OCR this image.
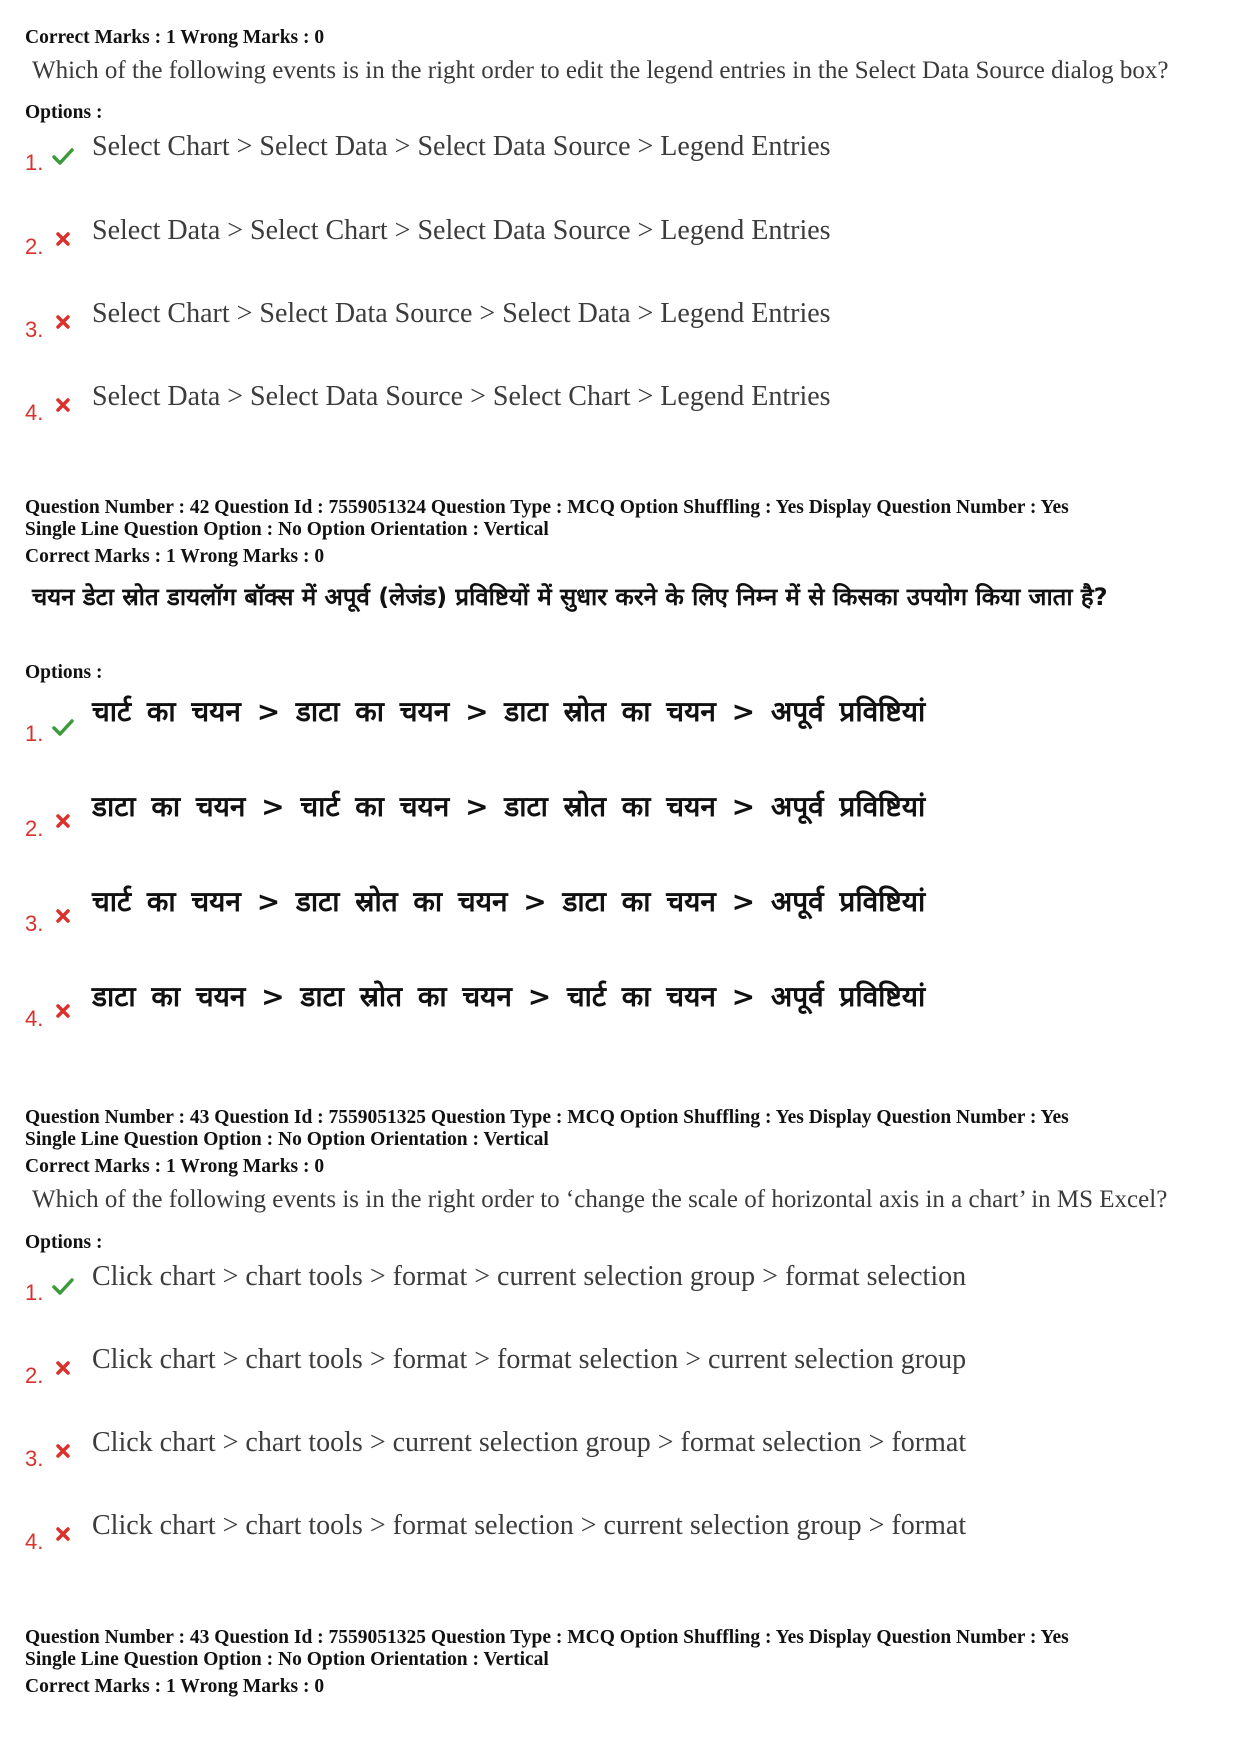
Correct Marks : 1 Wrong Marks : 0
Which of the following events is in the right order to edit the legend entries in the Select Data Source dialog box?
Options :
1.
Select Chart > Select Data > Select Data Source > Legend Entries
2.
Select Data > Select Chart > Select Data Source > Legend Entries
3.
Select Chart > Select Data Source > Select Data > Legend Entries
4.
Select Data > Select Data Source > Select Chart > Legend Entries
Question Number : 42 Question Id : 7559051324 Question Type : MCQ Option Shuffling : Yes Display Question Number : Yes
Single Line Question Option : No Option Orientation : Vertical
Correct Marks : 1 Wrong Marks : 0
चयन डेटा स्रोत डायलॉग बॉक्स में अपूर्व (लेजंड) प्रविष्टियों में सुधार करने के लिए निम्न में से किसका उपयोग किया जाता है?
Options :
1.
चार्ट का चयन > डाटा का चयन > डाटा स्रोत का चयन > अपूर्व प्रविष्टियां
2.
डाटा का चयन > चार्ट का चयन > डाटा स्रोत का चयन > अपूर्व प्रविष्टियां
3.
चार्ट का चयन > डाटा स्रोत का चयन > डाटा का चयन > अपूर्व प्रविष्टियां
4.
डाटा का चयन > डाटा स्रोत का चयन > चार्ट का चयन > अपूर्व प्रविष्टियां
Question Number : 43 Question Id : 7559051325 Question Type : MCQ Option Shuffling : Yes Display Question Number : Yes
Single Line Question Option : No Option Orientation : Vertical
Correct Marks : 1 Wrong Marks : 0
Which of the following events is in the right order to ‘change the scale of horizontal axis in a chart’ in MS Excel?
Options :
1.
Click chart > chart tools > format > current selection group > format selection
2.
Click chart > chart tools > format > format selection > current selection group
3.
Click chart > chart tools > current selection group > format selection > format
4.
Click chart > chart tools > format selection > current selection group > format
Question Number : 43 Question Id : 7559051325 Question Type : MCQ Option Shuffling : Yes Display Question Number : Yes
Single Line Question Option : No Option Orientation : Vertical
Correct Marks : 1 Wrong Marks : 0
